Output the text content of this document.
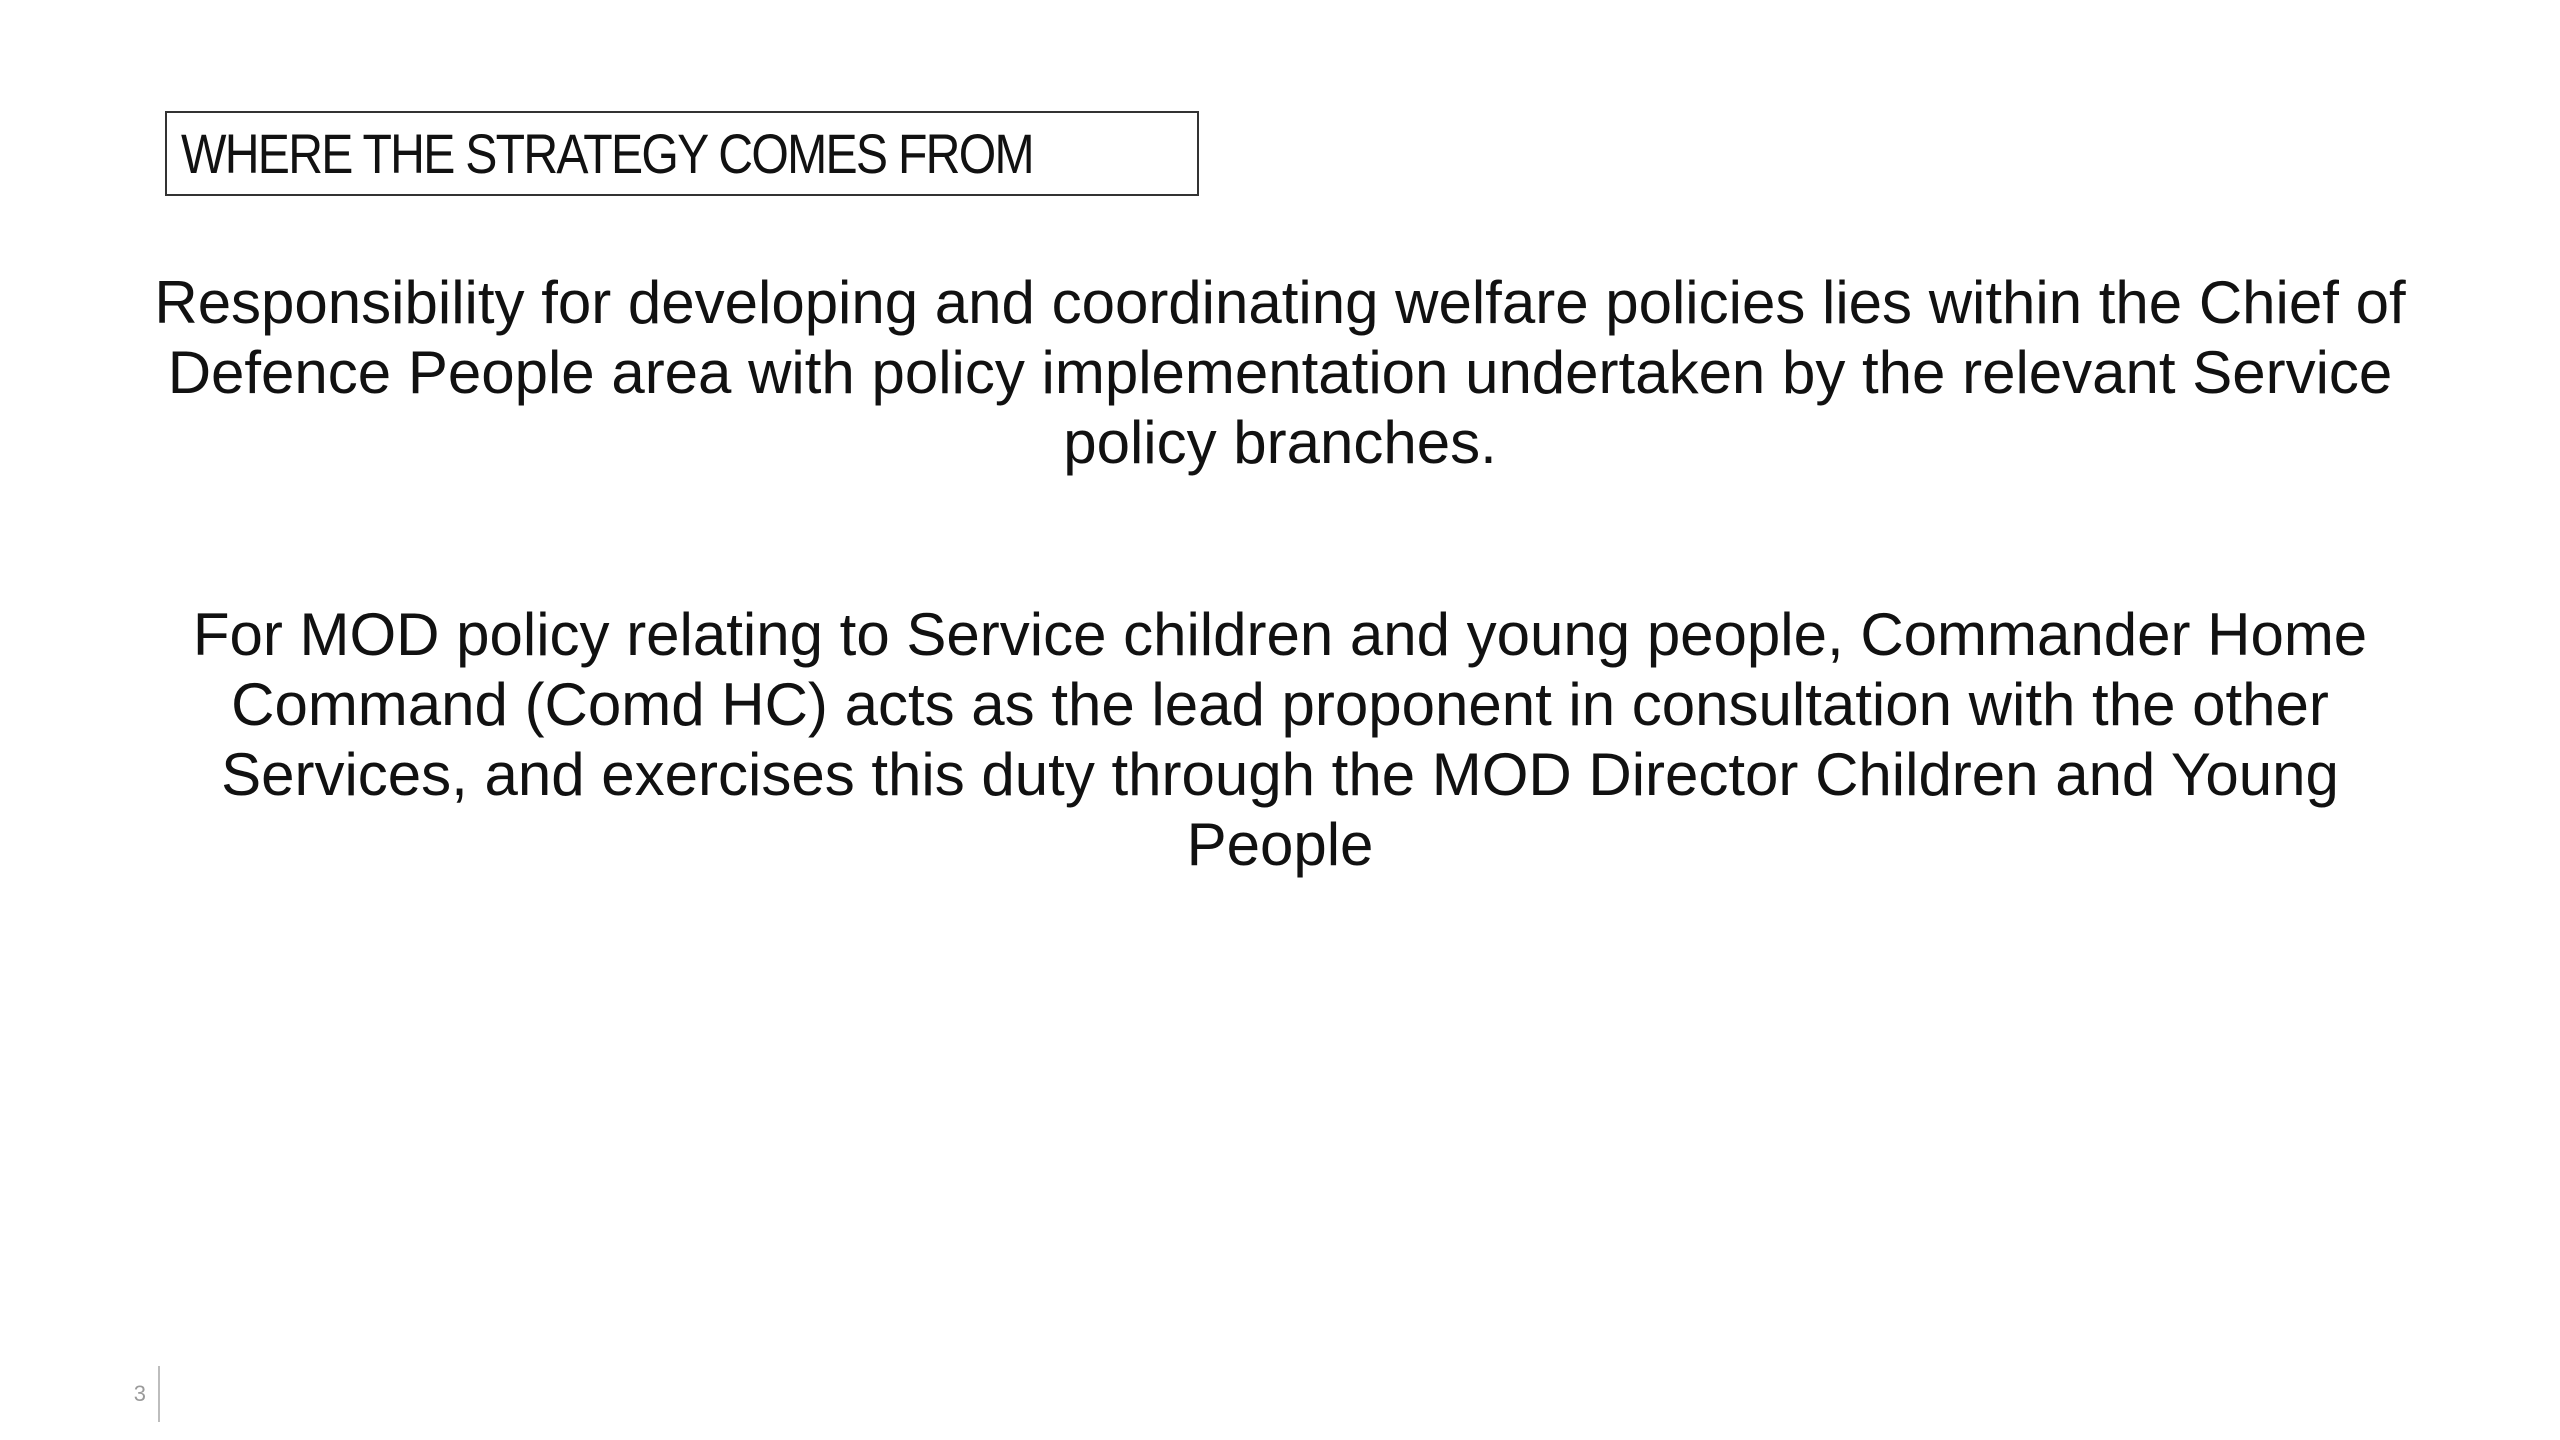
WHERE THE STRATEGY COMES FROM

Responsibility for developing and coordinating welfare policies lies within the Chief of Defence People area with policy implementation undertaken by the relevant Service policy branches.

For MOD policy relating to Service children and young people, Commander Home Command (Comd HC) acts as the lead proponent in consultation with the other Services, and exercises this duty through the MOD Director Children and Young People

3
